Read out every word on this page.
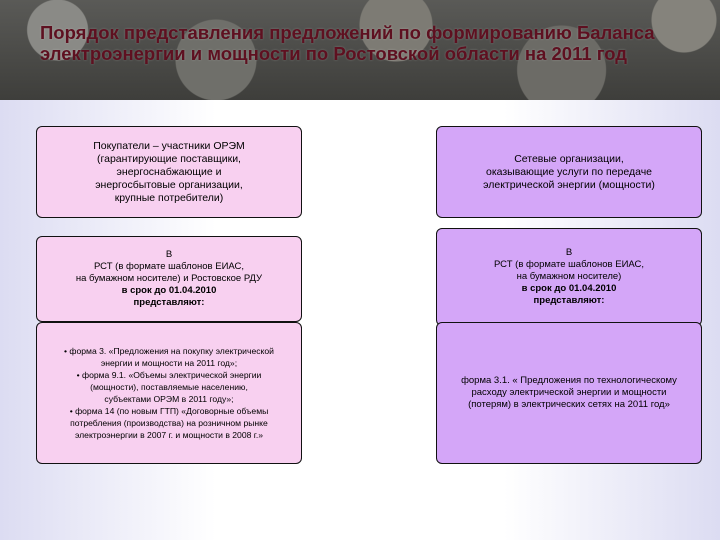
Порядок представления предложений по формированию Баланса электроэнергии и мощности по Ростовской области на 2011 год
Покупатели – участники ОРЭМ
(гарантирующие поставщики,
энергоснабжающие и
энергосбытовые организации,
крупные потребители)
В
РСТ (в формате шаблонов ЕИАС,
на бумажном носителе) и Ростовское РДУ
в срок до 01.04.2010
представляют:
• форма 3. «Предложения на покупку электрической
энергии и мощности на 2011 год»;
• форма 9.1. «Объемы электрической энергии
(мощности), поставляемые населению,
субъектами ОРЭМ в 2011 году»;
• форма 14 (по новым ГТП) «Договорные объемы
потребления (производства) на розничном рынке
электроэнергии в 2007 г. и мощности в 2008 г.»
Сетевые организации,
оказывающие услуги по передаче
электрической энергии (мощности)
В
РСТ (в формате шаблонов ЕИАС,
на бумажном носителе)
в срок до 01.04.2010
представляют:
форма 3.1. « Предложения по технологическому
расходу электрической энергии и мощности
(потерям) в электрических сетях на 2011 год»
